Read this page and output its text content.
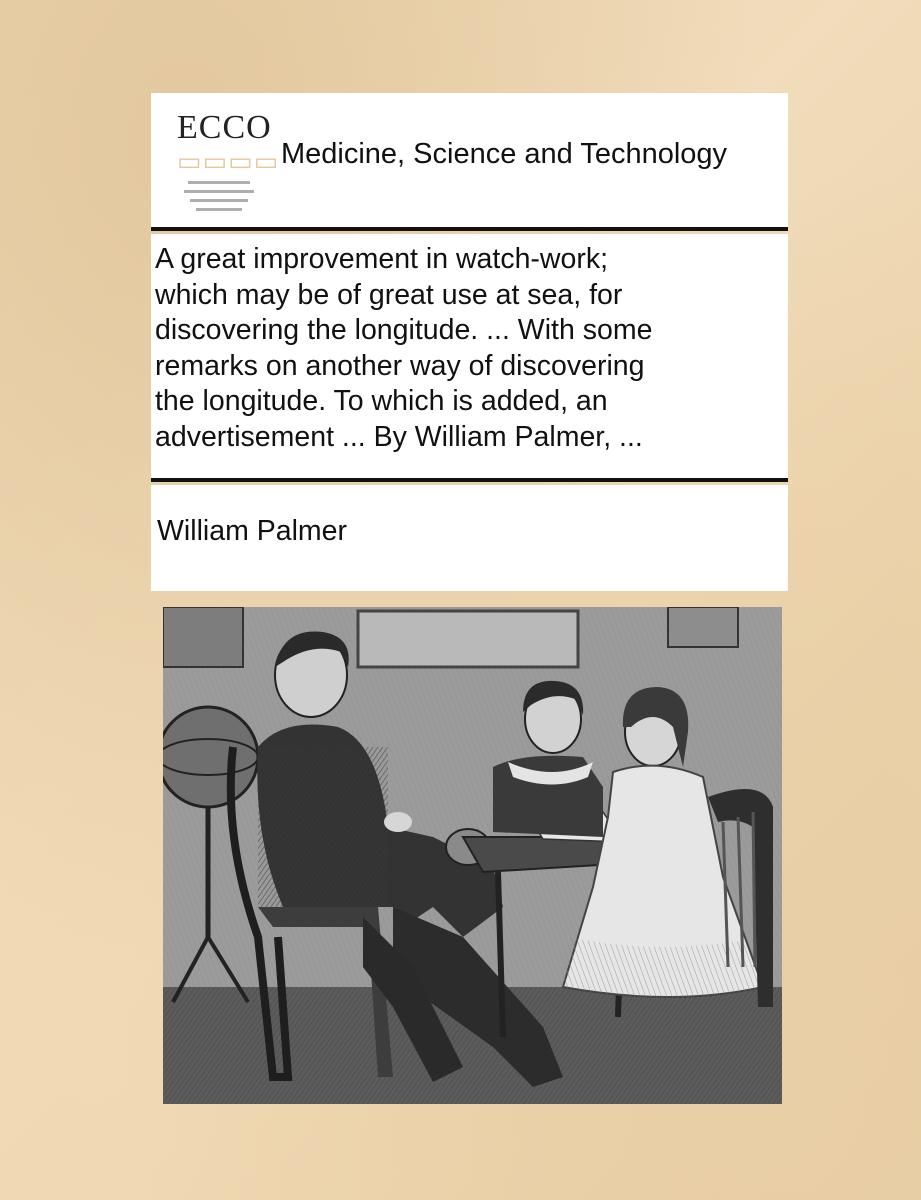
ECCO
▭▭▭▭ Medicine, Science and Technology
A great improvement in watch-work;
which may be of great use at sea, for
discovering the longitude. ... With some
remarks on another way of discovering
the longitude. To which is added, an
advertisement ... By William Palmer, ...
William Palmer
